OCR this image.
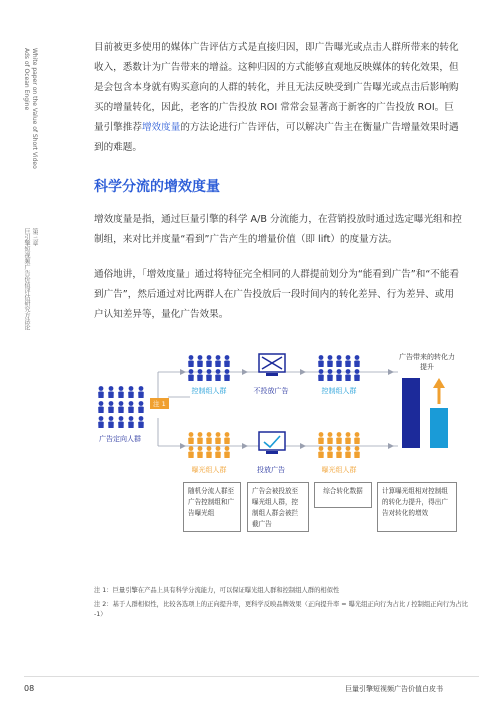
White paper on the Value of Short Video
Ads of Ocean Engine
第三章
巨引擎短视频广告价值评估研究方法论

目前被更多使用的媒体广告评估方式是直接归因，即广告曝光或点击人群所带来的转化收入，悉数计为广告带来的增益。这种归因的方式能够直观地反映媒体的转化效果，但是会包含本身就有购买意向的人群的转化，并且无法反映受到广告曝光或点击后影响购买的增量转化，因此，老客的广告投放 ROI 常常会显著高于新客的广告投放 ROI。巨量引擎推荐增效度量的方法论进行广告评估，可以解决广告主在衡量广告增量效果时遇到的难题。

科学分流的增效度量

增效度量是指，通过巨量引擎的科学 A/B 分流能力，在营销投放时通过选定曝光组和控制组，来对比并度量“看到”广告产生的增量价值（即 lift）的度量方法。

通俗地讲，「增效度量」通过将特征完全相同的人群提前划分为“能看到广告”和“不能看到广告”，然后通过对比两群人在广告投放后一段时间内的转化差异、行为差异、或用户认知差异等，量化广告效果。

注 1
广告定向人群
控制组人群	不投放广告	控制组人群
曝光组人群	投放广告	曝光组人群
广告带来的转化力提升
随机分流人群至广告控制组和广告曝光组
广告会被投放至曝光组人群，控制组人群会被拦截广告
综合转化数据	计算曝光组相对控制组的转化力提升，得出广告对转化的增效
注 1：巨量引擎在产品上具有科学分流能力，可以保证曝光组人群和控制组人群的相似性
注 2：基于人群相似性，比较各选项上的正向提升率，更科学反映品牌效果（正向提升率 = 曝光组正向行为占比 / 控制组正向行为占比 -1）
08	巨量引擎短视频广告价值白皮书
